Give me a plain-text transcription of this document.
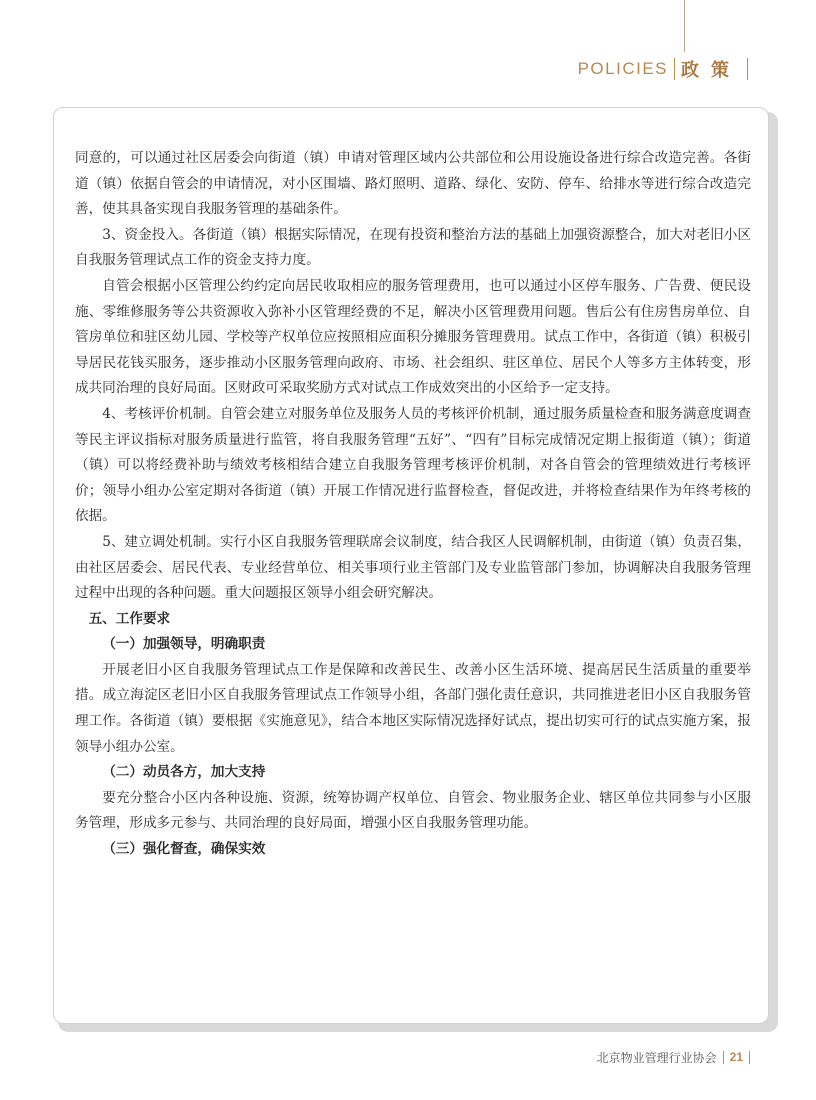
POLICIES 政策

同意的，可以通过社区居委会向街道（镇）申请对管理区域内公共部位和公用设施设备进行综合改造完善。各街道（镇）依据自管会的申请情况，对小区围墙、路灯照明、道路、绿化、安防、停车、给排水等进行综合改造完善，使其具备实现自我服务管理的基础条件。

3、资金投入。各街道（镇）根据实际情况，在现有投资和整治方法的基础上加强资源整合，加大对老旧小区自我服务管理试点工作的资金支持力度。

自管会根据小区管理公约约定向居民收取相应的服务管理费用，也可以通过小区停车服务、广告费、便民设施、零维修服务等公共资源收入弥补小区管理经费的不足，解决小区管理费用问题。售后公有住房售房单位、自管房单位和驻区幼儿园、学校等产权单位应按照相应面积分摊服务管理费用。试点工作中，各街道（镇）积极引导居民花钱买服务，逐步推动小区服务管理向政府、市场、社会组织、驻区单位、居民个人等多方主体转变，形成共同治理的良好局面。区财政可采取奖励方式对试点工作成效突出的小区给予一定支持。

4、考核评价机制。自管会建立对服务单位及服务人员的考核评价机制，通过服务质量检查和服务满意度调查等民主评议指标对服务质量进行监管，将自我服务管理“五好”、“四有”目标完成情况定期上报街道（镇）；街道（镇）可以将经费补助与绩效考核相结合建立自我服务管理考核评价机制，对各自管会的管理绩效进行考核评价；领导小组办公室定期对各街道（镇）开展工作情况进行监督检查，督促改进，并将检查结果作为年终考核的依据。

5、建立调处机制。实行小区自我服务管理联席会议制度，结合我区人民调解机制，由街道（镇）负责召集，由社区居委会、居民代表、专业经营单位、相关事项行业主管部门及专业监管部门参加，协调解决自我服务管理过程中出现的各种问题。重大问题报区领导小组会研究解决。

五、工作要求

（一）加强领导，明确职责

开展老旧小区自我服务管理试点工作是保障和改善民生、改善小区生活环境、提高居民生活质量的重要举措。成立海淀区老旧小区自我服务管理试点工作领导小组，各部门强化责任意识，共同推进老旧小区自我服务管理工作。各街道（镇）要根据《实施意见》，结合本地区实际情况选择好试点，提出切实可行的试点实施方案，报领导小组办公室。

（二）动员各方，加大支持

要充分整合小区内各种设施、资源，统筹协调产权单位、自管会、物业服务企业、辖区单位共同参与小区服务管理，形成多元参与、共同治理的良好局面，增强小区自我服务管理功能。

（三）强化督查，确保实效

北京物业管理行业协会 21
